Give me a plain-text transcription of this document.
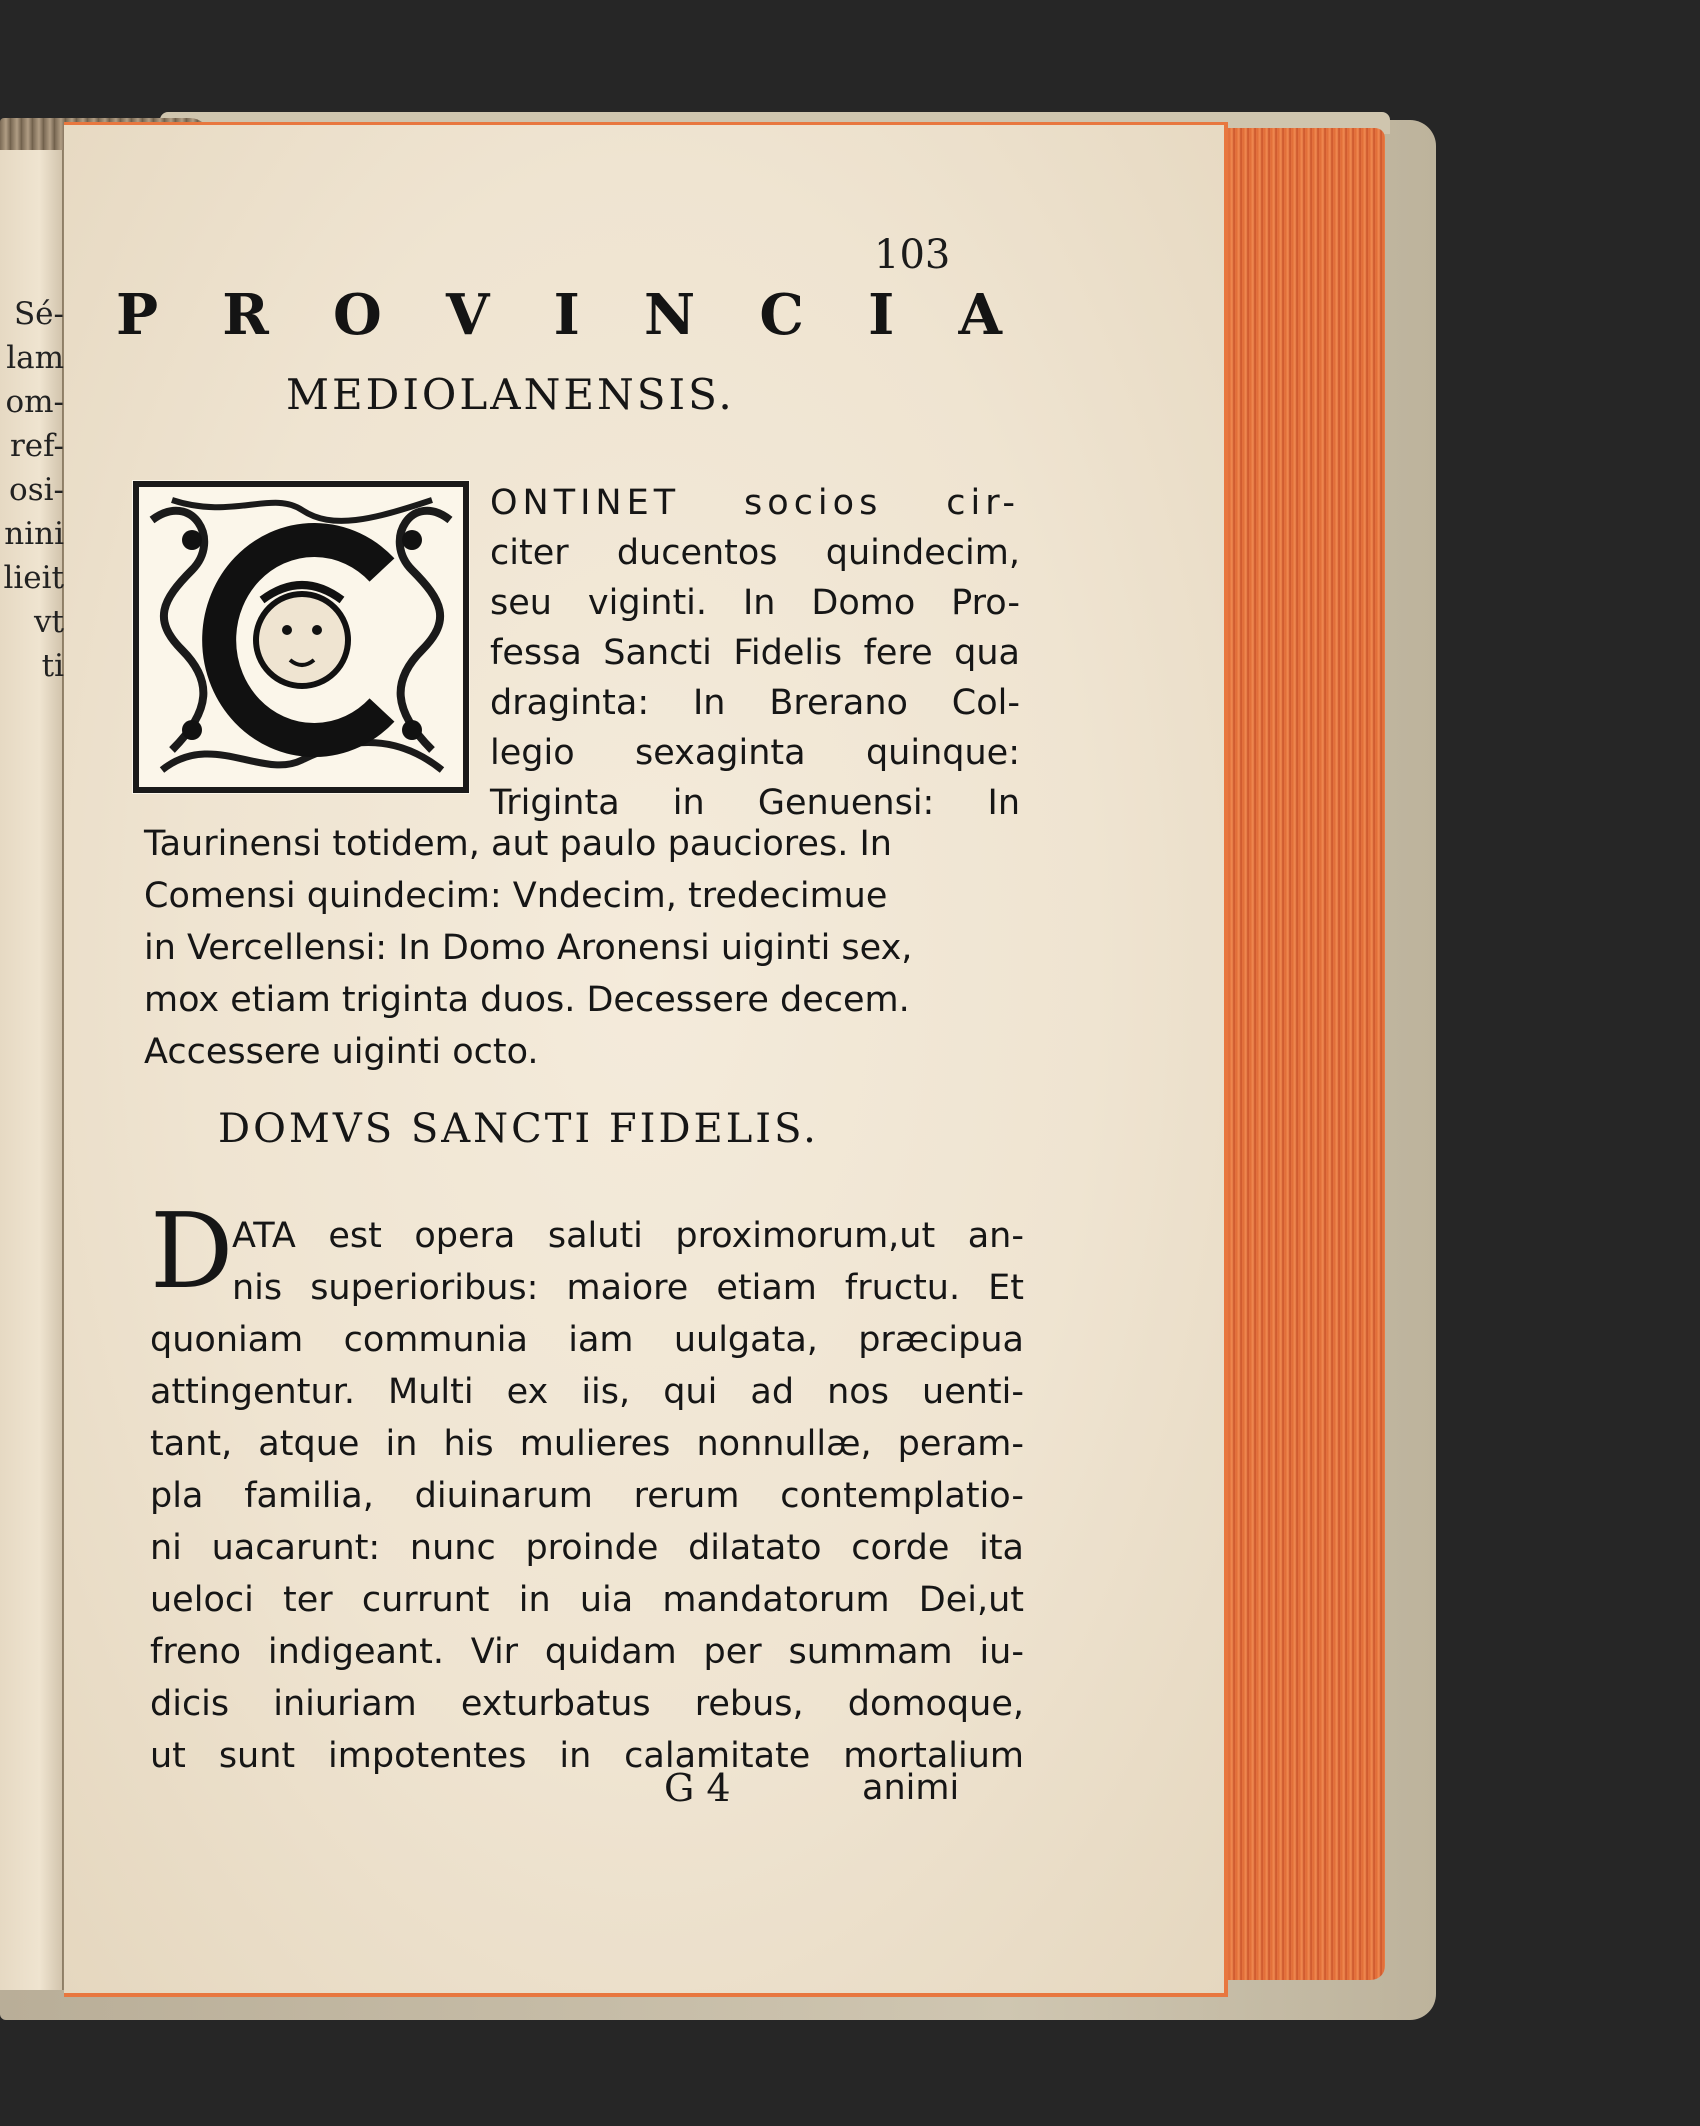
Sé-
lam
om-
ref-
osi-
nini
lieit
vt
ti
103
P R O V I N C I A
MEDIOLANENSIS.
ONTINET socios cir-
citer ducentos quindecim,
seu viginti. In Domo Pro-
fessa Sancti Fidelis fere qua
draginta: In Brerano Col-
legio sexaginta quinque:
Triginta in Genuensi: In
Taurinensi totidem, aut paulo pauciores. In
Comensi quindecim: Vndecim, tredecimue
in Vercellensi: In Domo Aronensi uiginti sex,
mox etiam triginta duos. Decessere decem.
Accessere uiginti octo.
DOMVS SANCTI FIDELIS.
D
ATA est opera saluti proximorum,ut an-
nis superioribus: maiore etiam fructu. Et
quoniam communia iam uulgata, præcipua
attingentur. Multi ex iis, qui ad nos uenti-
tant, atque in his mulieres nonnullæ, peram-
pla familia, diuinarum rerum contemplatio-
ni uacarunt: nunc proinde dilatato corde ita
ueloci ter currunt in uia mandatorum Dei,ut
freno indigeant. Vir quidam per summam iu-
dicis iniuriam exturbatus rebus, domoque,
ut sunt impotentes in calamitate mortalium
G 4	animi
